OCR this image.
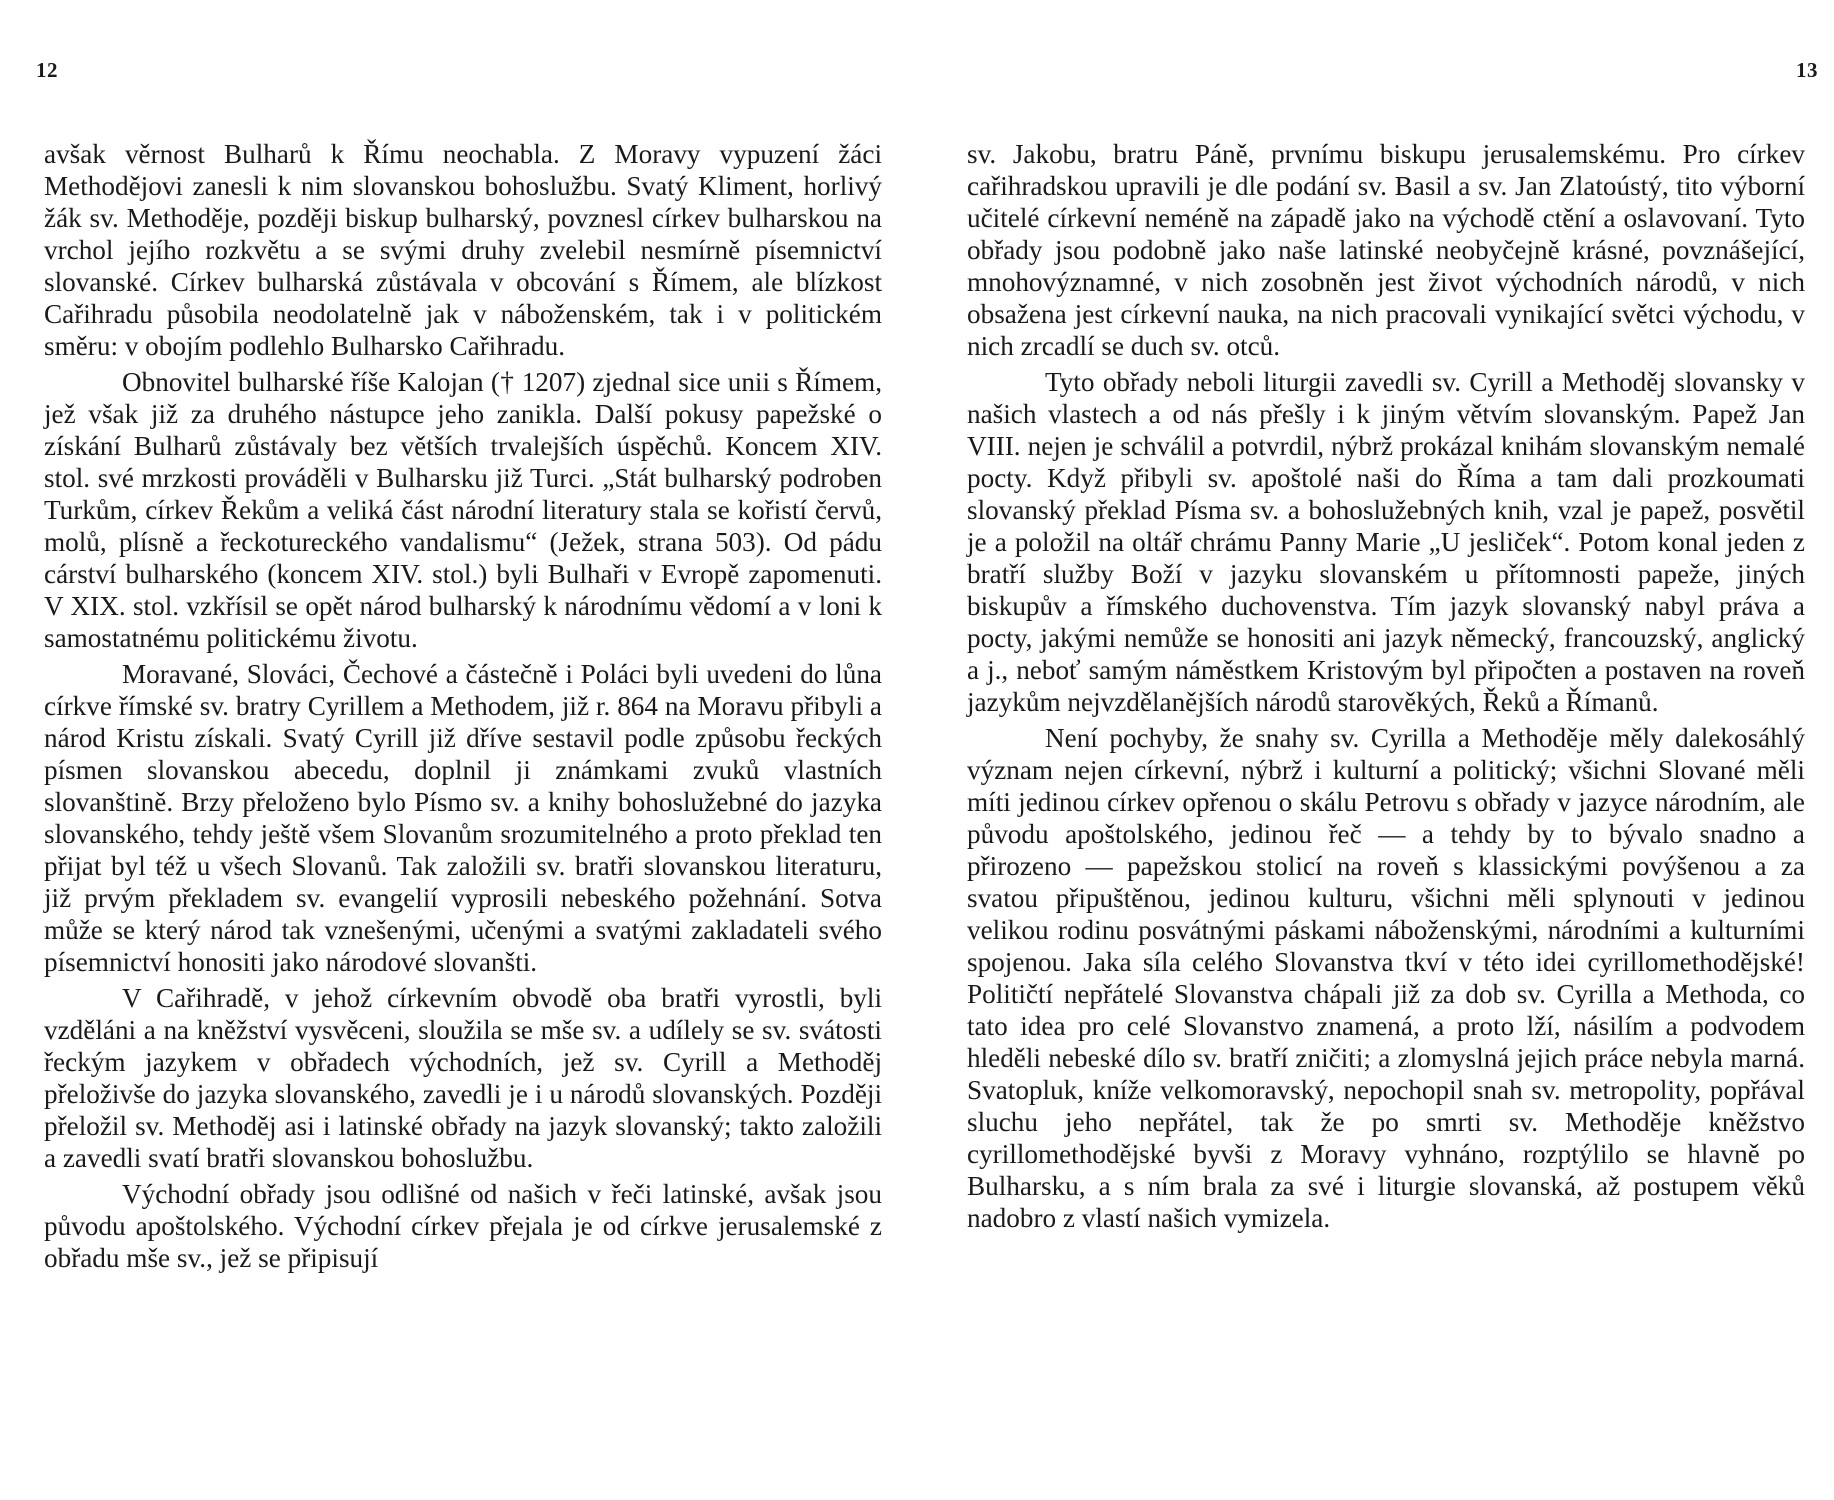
12

avšak věrnost Bulharů k Římu neochabla. Z Moravy vypuzení žáci Methodějovi zanesli k nim slovanskou bohoslužbu. Svatý Kliment, horlivý žák sv. Methoděje, později biskup bulharský, povznesl církev bulharskou na vrchol jejího rozkvětu a se svými druhy zvelebil nesmírně písemnictví slovanské. Církev bulharská zůstávala v obcování s Římem, ale blízkost Cařihradu působila neodolatelně jak v náboženském, tak i v politickém směru: v obojím podlehlo Bulharsko Cařihradu.

Obnovitel bulharské říše Kalojan († 1207) zjednal sice unii s Římem, jež však již za druhého nástupce jeho zanikla. Další pokusy papežské o získání Bulharů zůstávaly bez větších trvalejších úspěchů. Koncem XIV. stol. své mrzkosti prováděli v Bulharsku již Turci. „Stát bulharský podroben Turkům, církev Řekům a veliká část národní literatury stala se kořistí červů, molů, plísně a řeckotureckého vandalismu“ (Ježek, strana 503). Od pádu cárství bulharského (koncem XIV. stol.) byli Bulhaři v Evropě zapomenuti. V XIX. stol. vzkřísil se opět národ bulharský k národnímu vědomí a v loni k samostatnému politickému životu.

Moravané, Slováci, Čechové a částečně i Poláci byli uvedeni do lůna církve římské sv. bratry Cyrillem a Methodem, již r. 864 na Moravu přibyli a národ Kristu získali. Svatý Cyrill již dříve sestavil podle způsobu řeckých písmen slovanskou abecedu, doplnil ji známkami zvuků vlastních slovanštině. Brzy přeloženo bylo Písmo sv. a knihy bohoslužebné do jazyka slovanského, tehdy ještě všem Slovanům srozumitelného a proto překlad ten přijat byl též u všech Slovanů. Tak založili sv. bratři slovanskou literaturu, již prvým překladem sv. evangelií vyprosili nebeského požehnání. Sotva může se který národ tak vznešenými, učenými a svatými zakladateli svého písemnictví honositi jako národové slovanšti.

V Cařihradě, v jehož církevním obvodě oba bratři vyrostli, byli vzděláni a na kněžství vysvěceni, sloužila se mše sv. a udílely se sv. svátosti řeckým jazykem v obřadech východních, jež sv. Cyrill a Methoděj přeloživše do jazyka slovanského, zavedli je i u národů slovanských. Později přeložil sv. Methoděj asi i latinské obřady na jazyk slovanský; takto založili a zavedli svatí bratři slovanskou bohoslužbu.

Východní obřady jsou odlišné od našich v řeči latinské, avšak jsou původu apoštolského. Východní církev přejala je od církve jerusalemské z obřadu mše sv., jež se připisují

13

sv. Jakobu, bratru Páně, prvnímu biskupu jerusalemskému. Pro církev cařihradskou upravili je dle podání sv. Basil a sv. Jan Zlatoústý, tito výborní učitelé církevní neméně na západě jako na východě ctění a oslavovaní. Tyto obřady jsou podobně jako naše latinské neobyčejně krásné, povznášející, mnohovýznamné, v nich zosobněn jest život východních národů, v nich obsažena jest církevní nauka, na nich pracovali vynikající světci východu, v nich zrcadlí se duch sv. otců.

Tyto obřady neboli liturgii zavedli sv. Cyrill a Methoděj slovansky v našich vlastech a od nás přešly i k jiným větvím slovanským. Papež Jan VIII. nejen je schválil a potvrdil, nýbrž prokázal knihám slovanským nemalé pocty. Když přibyli sv. apoštolé naši do Říma a tam dali prozkoumati slovanský překlad Písma sv. a bohoslužebných knih, vzal je papež, posvětil je a položil na oltář chrámu Panny Marie „U jesliček“. Potom konal jeden z bratří služby Boží v jazyku slovanském u přítomnosti papeže, jiných biskupův a římského duchovenstva. Tím jazyk slovanský nabyl práva a pocty, jakými nemůže se honositi ani jazyk německý, francouzský, anglický a j., neboť samým náměstkem Kristovým byl připočten a postaven na roveň jazykům nejvzdělanějších národů starověkých, Řeků a Římanů.

Není pochyby, že snahy sv. Cyrilla a Methoděje měly dalekosáhlý význam nejen církevní, nýbrž i kulturní a politický; všichni Slované měli míti jedinou církev opřenou o skálu Petrovu s obřady v jazyce národním, ale původu apoštolského, jedinou řeč — a tehdy by to bývalo snadno a přirozeno — papežskou stolicí na roveň s klassickými povýšenou a za svatou připuštěnou, jedinou kulturu, všichni měli splynouti v jedinou velikou rodinu posvátnými páskami náboženskými, národními a kulturními spojenou. Jaka síla celého Slovanstva tkví v této idei cyrillomethodějské! Političtí nepřátelé Slovanstva chápali již za dob sv. Cyrilla a Methoda, co tato idea pro celé Slovanstvo znamená, a proto lží, násilím a podvodem hleděli nebeské dílo sv. bratří zničiti; a zlomyslná jejich práce nebyla marná. Svatopluk, kníže velkomoravský, nepochopil snah sv. metropolity, popřával sluchu jeho nepřátel, tak že po smrti sv. Methoděje kněžstvo cyrillomethodějské byvši z Moravy vyhnáno, rozptýlilo se hlavně po Bulharsku, a s ním brala za své i liturgie slovanská, až postupem věků nadobro z vlastí našich vymizela.
